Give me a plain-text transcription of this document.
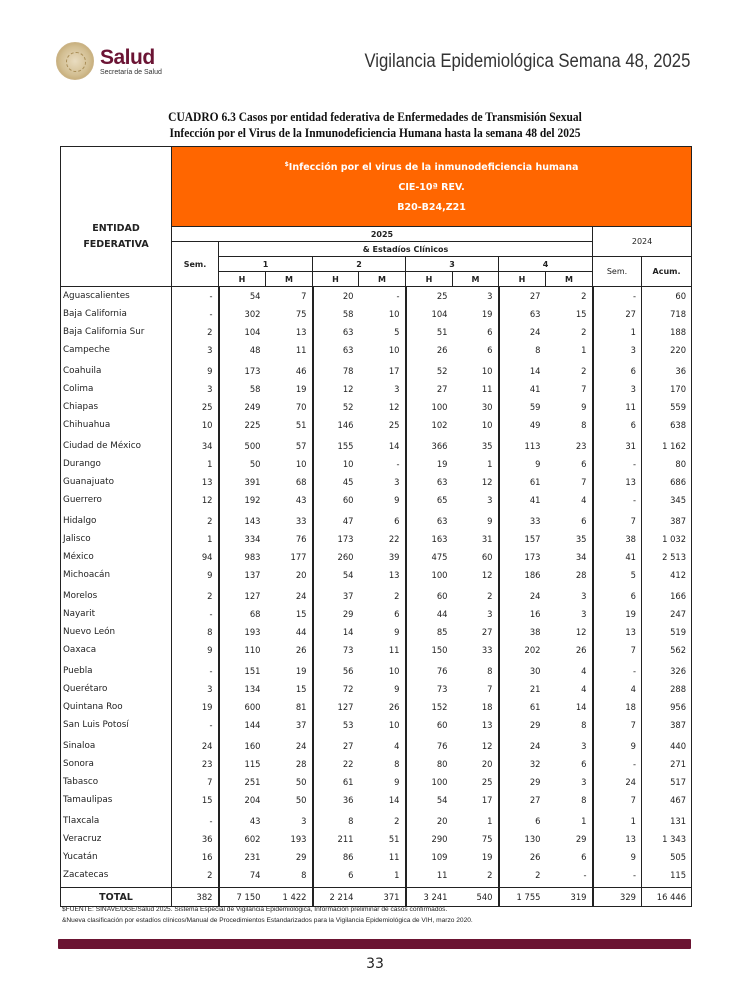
Salud
Secretaría de Salud	Vigilancia Epidemiológica Semana 48, 2025
CUADRO 6.3 Casos por entidad federativa de Enfermedades de Transmisión Sexual
Infección por el Virus de la Inmunodeficiencia Humana hasta la semana 48 del 2025
ENTIDAD
FEDERATIVA

$Infección por el virus de la inmunodeficiencia humana
CIE-10ª REV.
B20-B24,Z21

	2025									2024	
	Sem.	& Estadíos Clínicos									
		1		2		3		4		Sem.	Acum.
		H	M	H	M	H	M	H	M		
Aguascalientes	-	54	7	20	-	25	3	27	2	-	60
Baja California	-	302	75	58	10	104	19	63	15	27	718
Baja California Sur	2	104	13	63	5	51	6	24	2	1	188
Campeche	3	48	11	63	10	26	6	8	1	3	220
Coahuila	9	173	46	78	17	52	10	14	2	6	36
Colima	3	58	19	12	3	27	11	41	7	3	170
Chiapas	25	249	70	52	12	100	30	59	9	11	559
Chihuahua	10	225	51	146	25	102	10	49	8	6	638
Ciudad de México	34	500	57	155	14	366	35	113	23	31	1 162
Durango	1	50	10	10	-	19	1	9	6	-	80
Guanajuato	13	391	68	45	3	63	12	61	7	13	686
Guerrero	12	192	43	60	9	65	3	41	4	-	345
Hidalgo	2	143	33	47	6	63	9	33	6	7	387
Jalisco	1	334	76	173	22	163	31	157	35	38	1 032
México	94	983	177	260	39	475	60	173	34	41	2 513
Michoacán	9	137	20	54	13	100	12	186	28	5	412
Morelos	2	127	24	37	2	60	2	24	3	6	166
Nayarit	-	68	15	29	6	44	3	16	3	19	247
Nuevo León	8	193	44	14	9	85	27	38	12	13	519
Oaxaca	9	110	26	73	11	150	33	202	26	7	562
Puebla	-	151	19	56	10	76	8	30	4	-	326
Querétaro	3	134	15	72	9	73	7	21	4	4	288
Quintana Roo	19	600	81	127	26	152	18	61	14	18	956
San Luis Potosí	-	144	37	53	10	60	13	29	8	7	387
Sinaloa	24	160	24	27	4	76	12	24	3	9	440
Sonora	23	115	28	22	8	80	20	32	6	-	271
Tabasco	7	251	50	61	9	100	25	29	3	24	517
Tamaulipas	15	204	50	36	14	54	17	27	8	7	467
Tlaxcala	-	43	3	8	2	20	1	6	1	1	131
Veracruz	36	602	193	211	51	290	75	130	29	13	1 343
Yucatán	16	231	29	86	11	109	19	26	6	9	505
Zacatecas	2	74	8	6	1	11	2	2	-	-	115

TOTAL	382	7 150	1 422	2 214	371	3 241	540	1 755	319	329	16 446
$FUENTE: SINAVE/DGE/Salud 2025. Sistema Especial de Vigilancia Epidemiológica, Información preliminar de casos confirmados.
&Nueva clasificación por estadíos clínicos/Manual de Procedimientos Estandarizados para la Vigilancia Epidemiológica de VIH, marzo 2020.
33
